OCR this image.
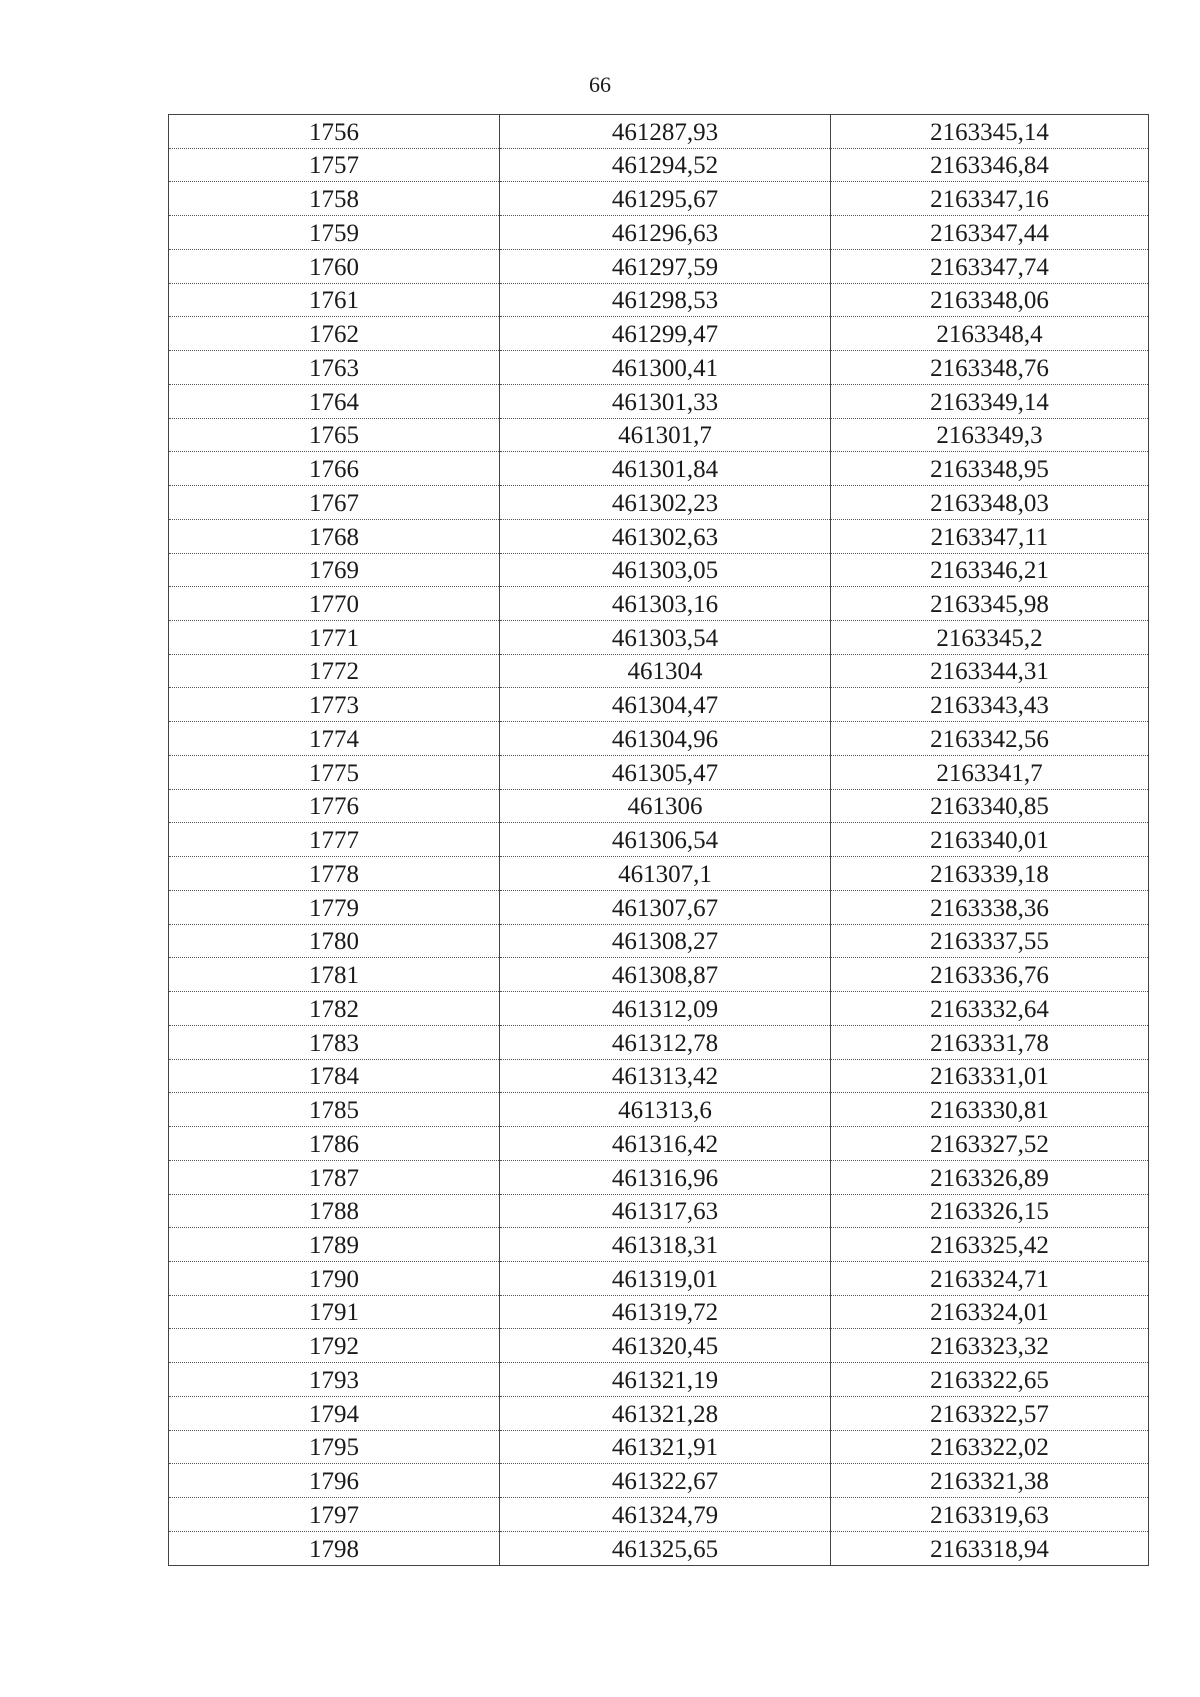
66
1756	461287,93	2163345,14
1757	461294,52	2163346,84
1758	461295,67	2163347,16
1759	461296,63	2163347,44
1760	461297,59	2163347,74
1761	461298,53	2163348,06
1762	461299,47	2163348,4
1763	461300,41	2163348,76
1764	461301,33	2163349,14
1765	461301,7	2163349,3
1766	461301,84	2163348,95
1767	461302,23	2163348,03
1768	461302,63	2163347,11
1769	461303,05	2163346,21
1770	461303,16	2163345,98
1771	461303,54	2163345,2
1772	461304	2163344,31
1773	461304,47	2163343,43
1774	461304,96	2163342,56
1775	461305,47	2163341,7
1776	461306	2163340,85
1777	461306,54	2163340,01
1778	461307,1	2163339,18
1779	461307,67	2163338,36
1780	461308,27	2163337,55
1781	461308,87	2163336,76
1782	461312,09	2163332,64
1783	461312,78	2163331,78
1784	461313,42	2163331,01
1785	461313,6	2163330,81
1786	461316,42	2163327,52
1787	461316,96	2163326,89
1788	461317,63	2163326,15
1789	461318,31	2163325,42
1790	461319,01	2163324,71
1791	461319,72	2163324,01
1792	461320,45	2163323,32
1793	461321,19	2163322,65
1794	461321,28	2163322,57
1795	461321,91	2163322,02
1796	461322,67	2163321,38
1797	461324,79	2163319,63
1798	461325,65	2163318,94
